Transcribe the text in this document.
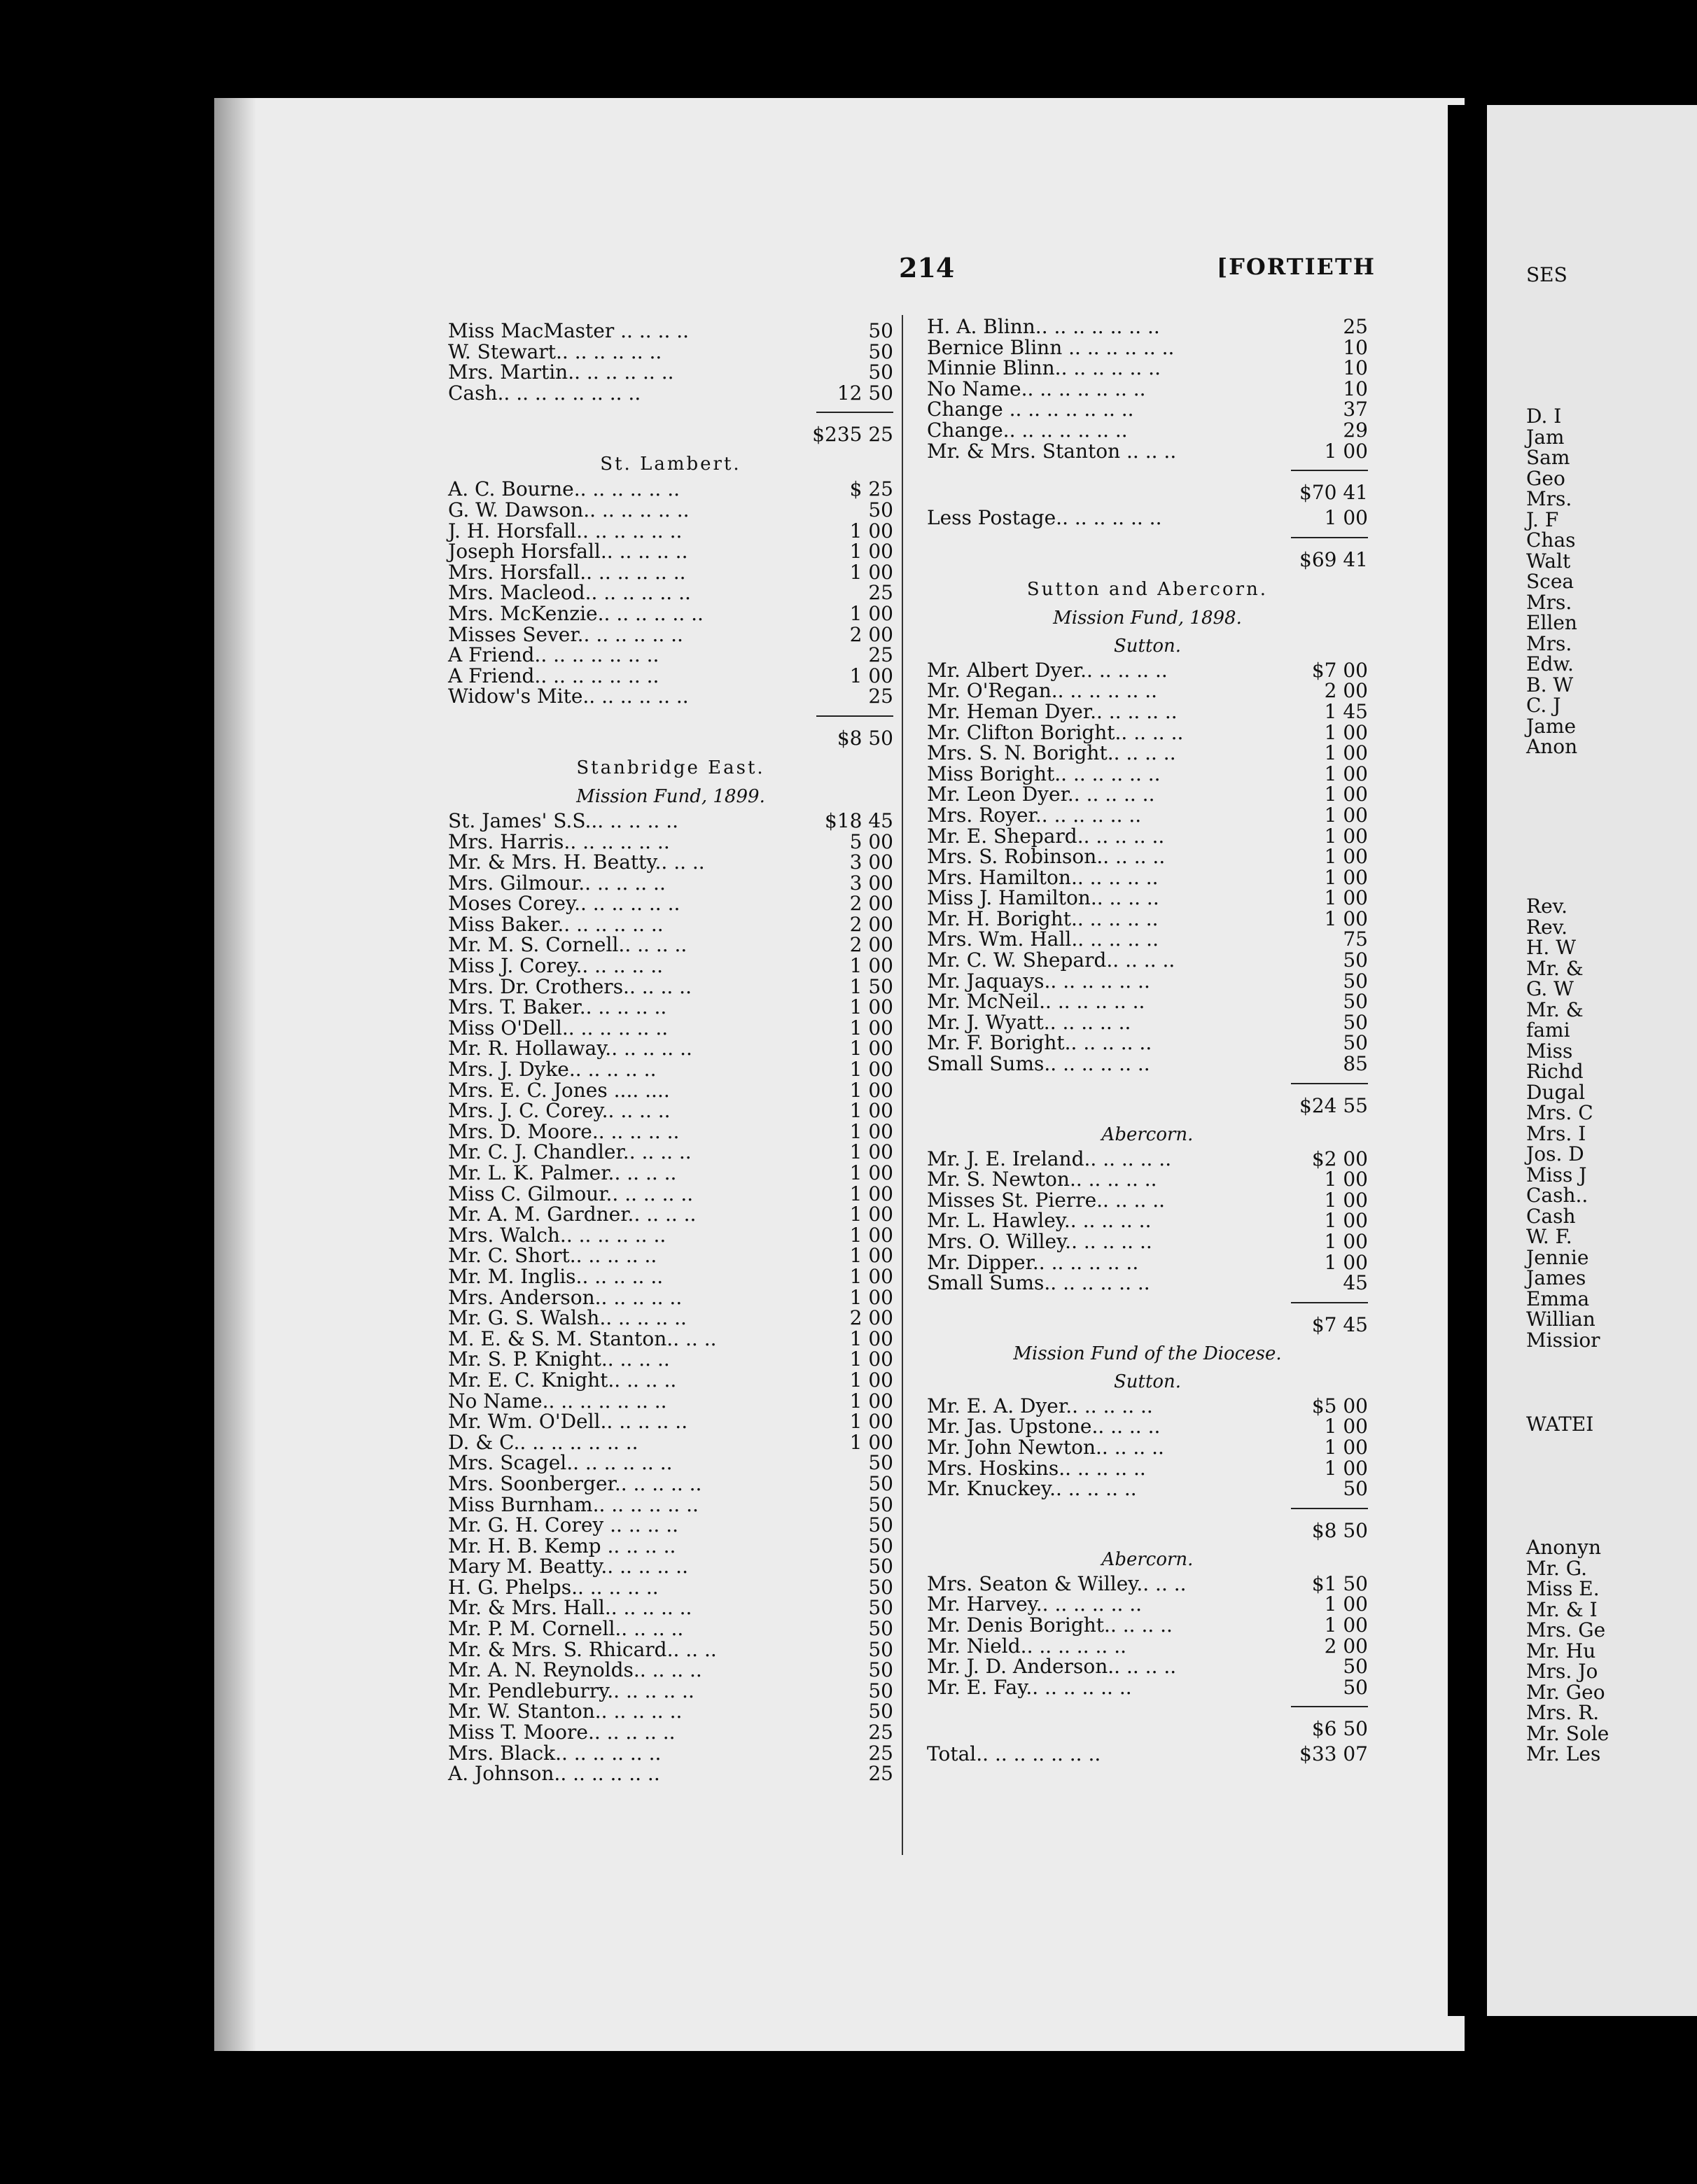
214	[FORTIETH
Miss MacMaster .. .. .. ..	50
W. Stewart.. .. .. .. .. ..	50
Mrs. Martin.. .. .. .. .. ..	50
Cash.. .. .. .. .. .. .. ..	12 50
$235 25
St. Lambert.
A. C. Bourne.. .. .. .. .. ..	$ 25
G. W. Dawson.. .. .. .. .. ..	50
J. H. Horsfall.. .. .. .. .. ..	1 00
Joseph Horsfall.. .. .. .. ..	1 00
Mrs. Horsfall.. .. .. .. .. ..	1 00
Mrs. Macleod.. .. .. .. .. ..	25
Mrs. McKenzie.. .. .. .. .. ..	1 00
Misses Sever.. .. .. .. .. ..	2 00
A Friend.. .. .. .. .. .. ..	25
A Friend.. .. .. .. .. .. ..	1 00
Widow's Mite.. .. .. .. .. ..	25
$8 50
Stanbridge East.
Mission Fund, 1899.
St. James' S.S... .. .. .. ..	$18 45
Mrs. Harris.. .. .. .. .. ..	5 00
Mr. & Mrs. H. Beatty.. .. ..	3 00
Mrs. Gilmour.. .. .. .. ..	3 00
Moses Corey.. .. .. .. .. ..	2 00
Miss Baker.. .. .. .. .. ..	2 00
Mr. M. S. Cornell.. .. .. ..	2 00
Miss J. Corey.. .. .. .. ..	1 00
Mrs. Dr. Crothers.. .. .. ..	1 50
Mrs. T. Baker.. .. .. .. ..	1 00
Miss O'Dell.. .. .. .. .. ..	1 00
Mr. R. Hollaway.. .. .. .. ..	1 00
Mrs. J. Dyke.. .. .. .. ..	1 00
Mrs. E. C. Jones .... ....	1 00
Mrs. J. C. Corey.. .. .. ..	1 00
Mrs. D. Moore.. .. .. .. ..	1 00
Mr. C. J. Chandler.. .. .. ..	1 00
Mr. L. K. Palmer.. .. .. ..	1 00
Miss C. Gilmour.. .. .. .. ..	1 00
Mr. A. M. Gardner.. .. .. ..	1 00
Mrs. Walch.. .. .. .. .. ..	1 00
Mr. C. Short.. .. .. .. ..	1 00
Mr. M. Inglis.. .. .. .. ..	1 00
Mrs. Anderson.. .. .. .. ..	1 00
Mr. G. S. Walsh.. .. .. .. ..	2 00
M. E. & S. M. Stanton.. .. ..	1 00
Mr. S. P. Knight.. .. .. ..	1 00
Mr. E. C. Knight.. .. .. ..	1 00
No Name.. .. .. .. .. .. ..	1 00
Mr. Wm. O'Dell.. .. .. .. ..	1 00
D. & C.. .. .. .. .. .. ..	1 00
Mrs. Scagel.. .. .. .. .. ..	50
Mrs. Soonberger.. .. .. .. ..	50
Miss Burnham.. .. .. .. .. ..	50
Mr. G. H. Corey .. .. .. ..	50
Mr. H. B. Kemp .. .. .. ..	50
Mary M. Beatty.. .. .. .. ..	50
H. G. Phelps.. .. .. .. ..	50
Mr. & Mrs. Hall.. .. .. .. ..	50
Mr. P. M. Cornell.. .. .. ..	50
Mr. & Mrs. S. Rhicard.. .. ..	50
Mr. A. N. Reynolds.. .. .. ..	50
Mr. Pendleburry.. .. .. .. ..	50
Mr. W. Stanton.. .. .. .. ..	50
Miss T. Moore.. .. .. .. ..	25
Mrs. Black.. .. .. .. .. ..	25
A. Johnson.. .. .. .. .. ..	25
H. A. Blinn.. .. .. .. .. .. ..	25
Bernice Blinn .. .. .. .. .. ..	10
Minnie Blinn.. .. .. .. .. ..	10
No Name.. .. .. .. .. .. ..	10
Change .. .. .. .. .. .. ..	37
Change.. .. .. .. .. .. ..	29
Mr. & Mrs. Stanton .. .. ..	1 00
$70 41
Less Postage.. .. .. .. .. ..	1 00
$69 41
Sutton and Abercorn.
Mission Fund, 1898.
Sutton.
Mr. Albert Dyer.. .. .. .. ..	$7 00
Mr. O'Regan.. .. .. .. .. ..	2 00
Mr. Heman Dyer.. .. .. .. ..	1 45
Mr. Clifton Boright.. .. .. ..	1 00
Mrs. S. N. Boright.. .. .. ..	1 00
Miss Boright.. .. .. .. .. ..	1 00
Mr. Leon Dyer.. .. .. .. ..	1 00
Mrs. Royer.. .. .. .. .. ..	1 00
Mr. E. Shepard.. .. .. .. ..	1 00
Mrs. S. Robinson.. .. .. ..	1 00
Mrs. Hamilton.. .. .. .. ..	1 00
Miss J. Hamilton.. .. .. ..	1 00
Mr. H. Boright.. .. .. .. ..	1 00
Mrs. Wm. Hall.. .. .. .. ..	75
Mr. C. W. Shepard.. .. .. ..	50
Mr. Jaquays.. .. .. .. .. ..	50
Mr. McNeil.. .. .. .. .. ..	50
Mr. J. Wyatt.. .. .. .. ..	50
Mr. F. Boright.. .. .. .. ..	50
Small Sums.. .. .. .. .. ..	85
$24 55
Abercorn.
Mr. J. E. Ireland.. .. .. .. ..	$2 00
Mr. S. Newton.. .. .. .. ..	1 00
Misses St. Pierre.. .. .. ..	1 00
Mr. L. Hawley.. .. .. .. ..	1 00
Mrs. O. Willey.. .. .. .. ..	1 00
Mr. Dipper.. .. .. .. .. ..	1 00
Small Sums.. .. .. .. .. ..	45
$7 45
Mission Fund of the Diocese.
Sutton.
Mr. E. A. Dyer.. .. .. .. ..	$5 00
Mr. Jas. Upstone.. .. .. ..	1 00
Mr. John Newton.. .. .. ..	1 00
Mrs. Hoskins.. .. .. .. ..	1 00
Mr. Knuckey.. .. .. .. ..	50
$8 50
Abercorn.
Mrs. Seaton & Willey.. .. ..	$1 50
Mr. Harvey.. .. .. .. .. ..	1 00
Mr. Denis Boright.. .. .. ..	1 00
Mr. Nield.. .. .. .. .. ..	2 00
Mr. J. D. Anderson.. .. .. ..	50
Mr. E. Fay.. .. .. .. .. ..	50
$6 50
Total.. .. .. .. .. .. ..	$33 07
SES
D. I
Jam
Sam
Geo
Mrs.
J. F
Chas
Walt
Scea
Mrs.
Ellen
Mrs.
Edw.
B. W
C. J
Jame
Anon
Rev.
Rev.
H. W
Mr. &
G. W
Mr. &
fami
Miss
Richd
Dugal
Mrs. C
Mrs. I
Jos. D
Miss J
Cash..
Cash
W. F.
Jennie
James
Emma
Willian
Missior
WATEI
Anonyn
Mr. G.
Miss E.
Mr. & I
Mrs. Ge
Mr. Hu
Mrs. Jo
Mr. Geo
Mrs. R.
Mr. Sole
Mr. Les
